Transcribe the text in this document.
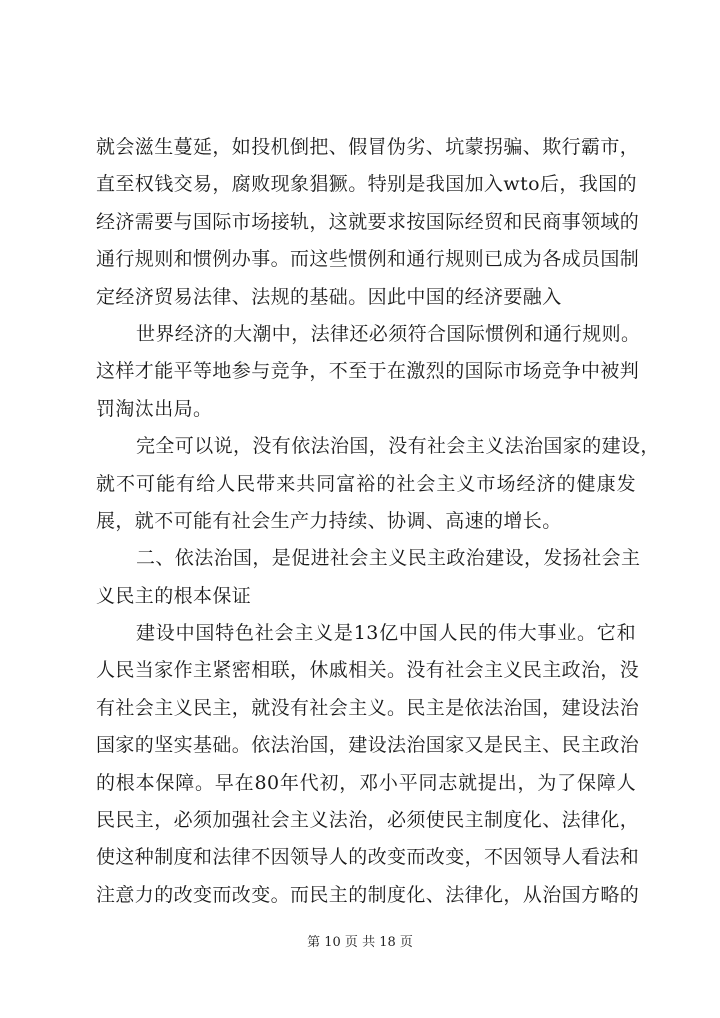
就会滋生蔓延，如投机倒把、假冒伪劣、坑蒙拐骗、欺行霸市，
直至权钱交易，腐败现象猖獗。特别是我国加入wto后，我国的
经济需要与国际市场接轨，这就要求按国际经贸和民商事领域的
通行规则和惯例办事。而这些惯例和通行规则已成为各成员国制
定经济贸易法律、法规的基础。因此中国的经济要融入
世界经济的大潮中，法律还必须符合国际惯例和通行规则。
这样才能平等地参与竞争，不至于在激烈的国际市场竞争中被判
罚淘汰出局。
完全可以说，没有依法治国，没有社会主义法治国家的建设，
就不可能有给人民带来共同富裕的社会主义市场经济的健康发
展，就不可能有社会生产力持续、协调、高速的增长。
二、依法治国，是促进社会主义民主政治建设，发扬社会主
义民主的根本保证
建设中国特色社会主义是13亿中国人民的伟大事业。它和
人民当家作主紧密相联，休戚相关。没有社会主义民主政治，没
有社会主义民主，就没有社会主义。民主是依法治国，建设法治
国家的坚实基础。依法治国，建设法治国家又是民主、民主政治
的根本保障。早在80年代初，邓小平同志就提出，为了保障人
民民主，必须加强社会主义法治，必须使民主制度化、法律化，
使这种制度和法律不因领导人的改变而改变，不因领导人看法和
注意力的改变而改变。而民主的制度化、法律化，从治国方略的
第 10 页 共 18 页
